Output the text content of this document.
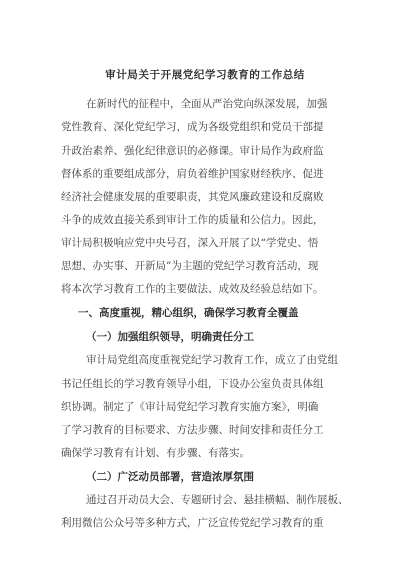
审计局关于开展党纪学习教育的工作总结
在新时代的征程中，全面从严治党向纵深发展，加强
党性教育、深化党纪学习，成为各级党组织和党员干部提
升政治素养、强化纪律意识的必修课。审计局作为政府监
督体系的重要组成部分，肩负着维护国家财经秩序、促进
经济社会健康发展的重要职责，其党风廉政建设和反腐败
斗争的成效直接关系到审计工作的质量和公信力。因此，
审计局积极响应党中央号召，深入开展了以“学党史、悟
思想、办实事、开新局”为主题的党纪学习教育活动，现
将本次学习教育工作的主要做法、成效及经验总结如下。
一、高度重视，精心组织，确保学习教育全覆盖
（一）加强组织领导，明确责任分工
审计局党组高度重视党纪学习教育工作，成立了由党组
书记任组长的学习教育领导小组，下设办公室负责具体组
织协调。制定了《审计局党纪学习教育实施方案》，明确
了学习教育的目标要求、方法步骤、时间安排和责任分工
确保学习教育有计划、有步骤、有落实。
（二）广泛动员部署，营造浓厚氛围
通过召开动员大会、专题研讨会、悬挂横幅、制作展板、
利用微信公众号等多种方式，广泛宣传党纪学习教育的重
